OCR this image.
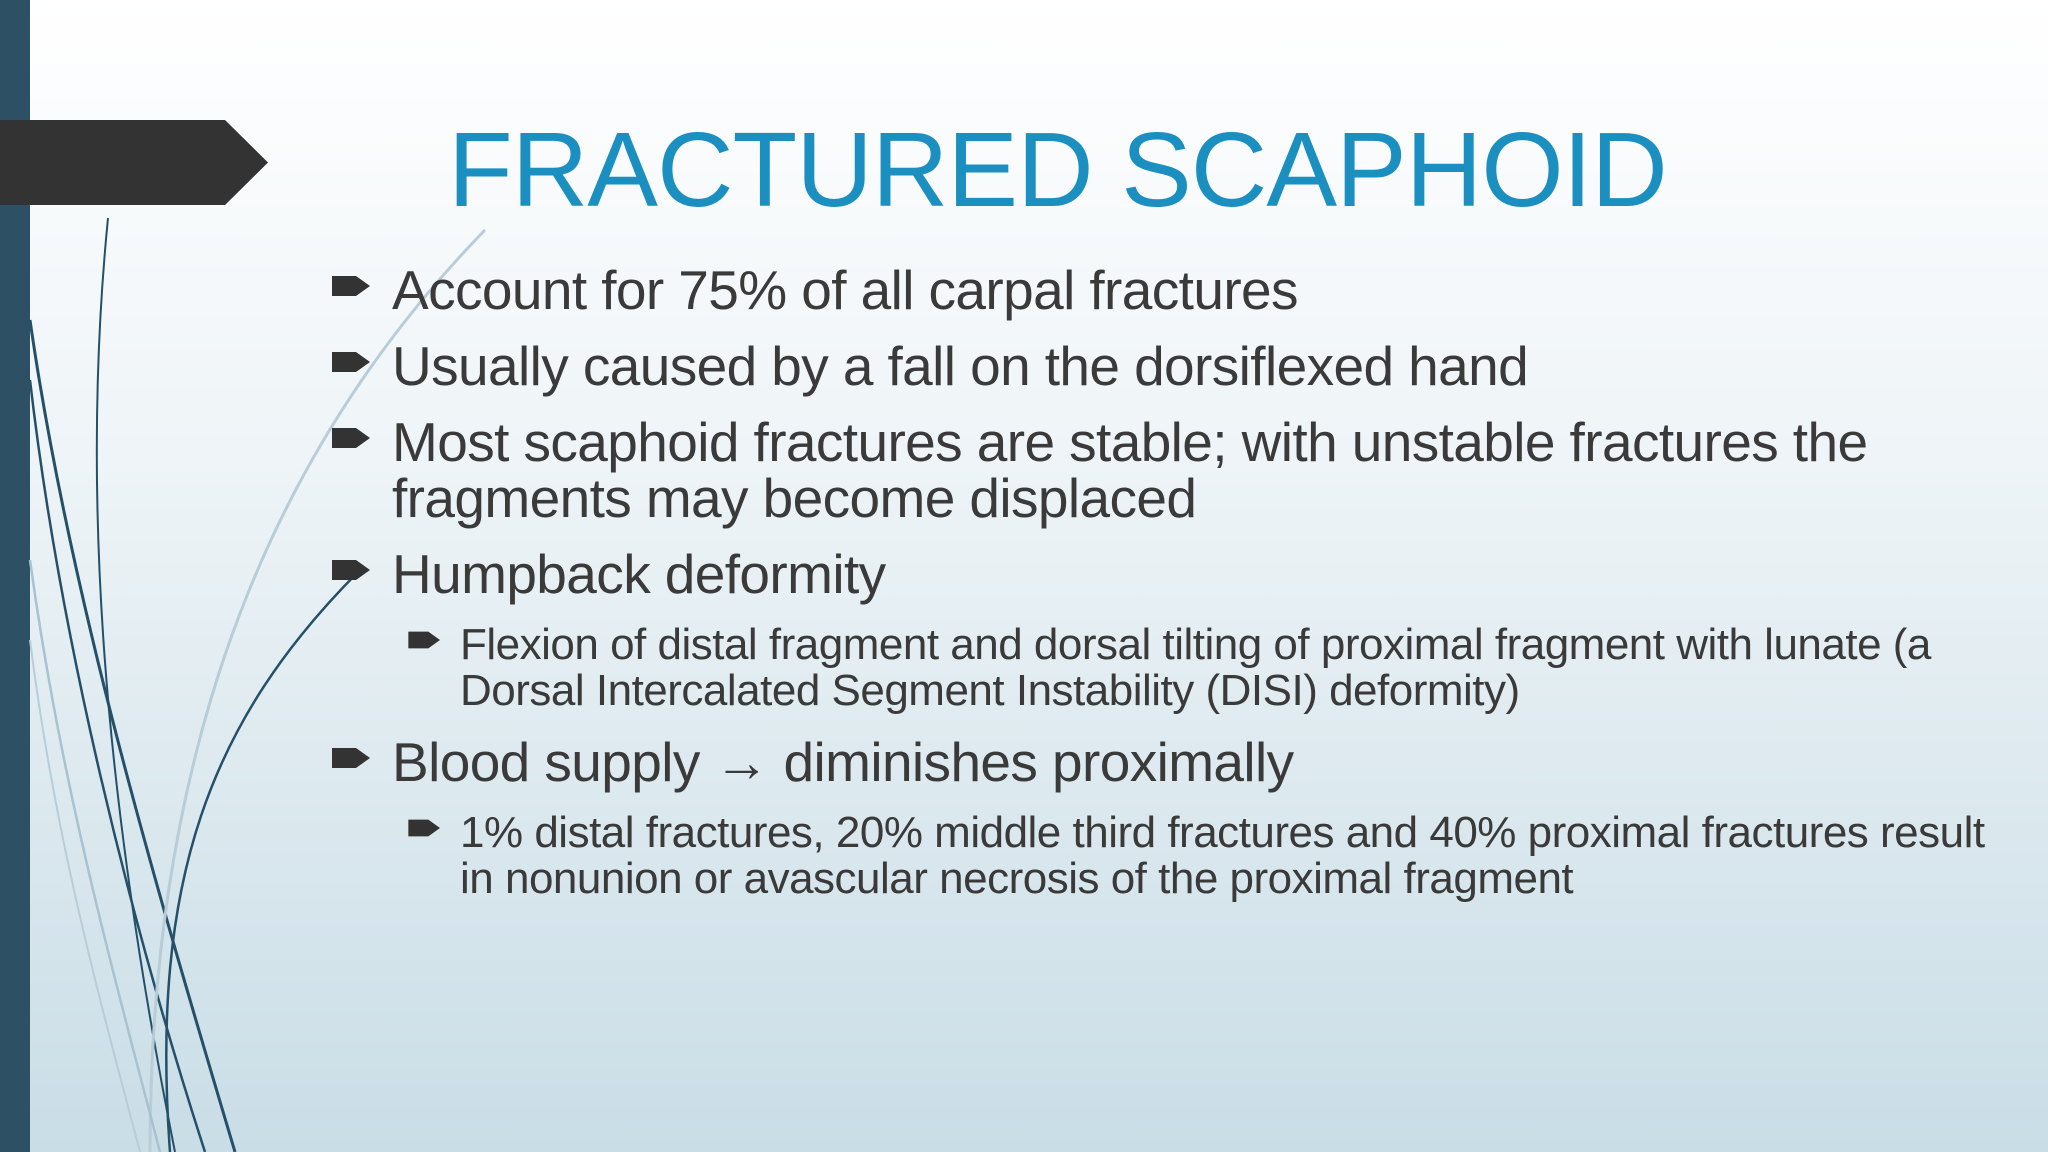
FRACTURED SCAPHOID
Account for 75% of all carpal fractures
Usually caused by a fall on the dorsiflexed hand
Most scaphoid fractures are stable; with unstable fractures the fragments may become displaced
Humpback deformity
Flexion of distal fragment and dorsal tilting of proximal fragment with lunate (a Dorsal Intercalated Segment Instability (DISI) deformity)
Blood supply → diminishes proximally
1% distal fractures, 20% middle third fractures and 40% proximal fractures result in nonunion or avascular necrosis of the proximal fragment
